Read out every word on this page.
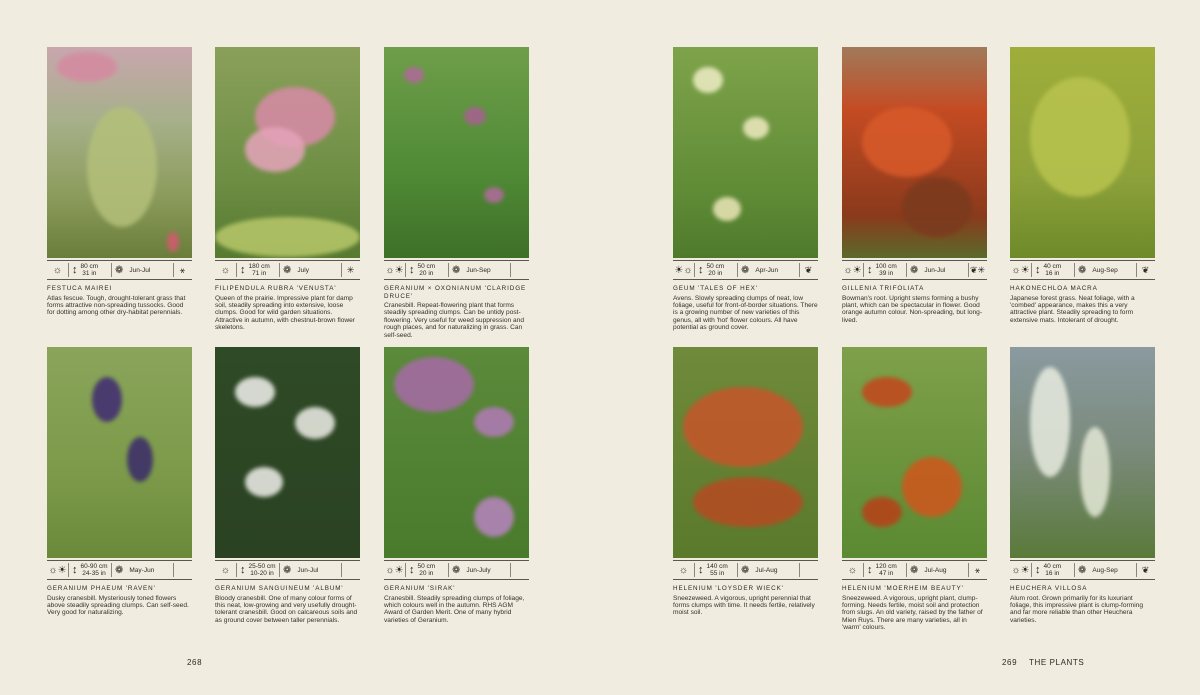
☼ ↕ 80 cm
31 in ❁ Jun-Jul	⚹
FESTUCA MAIREI
Atlas fescue. Tough, drought-tolerant grass that forms attractive non-spreading tussocks. Good for dotting among other dry-habitat perennials.
☼ ↕ 180 cm
71 in ❁ July	✳
FILIPENDULA RUBRA 'VENUSTA'
Queen of the prairie. Impressive plant for damp soil, steadily spreading into extensive, loose clumps. Good for wild garden situations. Attractive in autumn, with chestnut-brown flower skeletons.
☼☀ ↕ 50 cm
20 in ❁ Jun-Sep
GERANIUM × OXONIANUM 'CLARIDGE DRUCE'
Cranesbill. Repeat-flowering plant that forms steadily spreading clumps. Can be untidy post-flowering. Very useful for weed suppression and rough places, and for naturalizing in grass. Can self-seed.
☀☼ ↕ 50 cm
20 in ❁ Apr-Jun	❦
GEUM 'TALES OF HEX'
Avens. Slowly spreading clumps of neat, low foliage, useful for front-of-border situations. There is a growing number of new varieties of this genus, all with 'hot' flower colours. All have potential as ground cover.
☼☀ ↕ 100 cm
39 in ❁ Jun-Jul	❦✳
GILLENIA TRIFOLIATA
Bowman's root. Upright stems forming a bushy plant, which can be spectacular in flower. Good orange autumn colour. Non-spreading, but long-lived.
☼☀ ↕ 40 cm
16 in ❁ Aug-Sep	❦
HAKONECHLOA MACRA
Japanese forest grass. Neat foliage, with a 'combed' appearance, makes this a very attractive plant. Steadily spreading to form extensive mats. Intolerant of drought.
☼☀ ↕ 60-90 cm
24-35 in ❁ May-Jun
GERANIUM PHAEUM 'RAVEN'
Dusky cranesbill. Mysteriously toned flowers above steadily spreading clumps. Can self-seed. Very good for naturalizing.
☼ ↕ 25-50 cm
10-20 in ❁ Jun-Jul
GERANIUM SANGUINEUM 'ALBUM'
Bloody cranesbill. One of many colour forms of this neat, low-growing and very usefully drought-tolerant cranesbill. Good on calcareous soils and as ground cover between taller perennials.
☼☀ ↕ 50 cm
20 in ❁ Jun-July
GERANIUM 'SIRAK'
Cranesbill. Steadily spreading clumps of foliage, which colours well in the autumn. RHS AGM Award of Garden Merit. One of many hybrid varieties of Geranium.
☼ ↕ 140 cm
55 in ❁ Jul-Aug
HELENIUM 'LOYSDER WIECK'
Sneezeweed. A vigorous, upright perennial that forms clumps with time. It needs fertile, relatively moist soil.
☼ ↕ 120 cm
47 in ❁ Jul-Aug	⚹
HELENIUM 'MOERHEIM BEAUTY'
Sneezeweed. A vigorous, upright plant, clump-forming. Needs fertile, moist soil and protection from slugs. An old variety, raised by the father of Mien Ruys. There are many varieties, all in 'warm' colours.
☼☀ ↕ 40 cm
16 in ❁ Aug-Sep	❦
HEUCHERA VILLOSA
Alum root. Grown primarily for its luxuriant foliage, this impressive plant is clump-forming and far more reliable than other Heuchera varieties.
268	269 THE PLANTS
